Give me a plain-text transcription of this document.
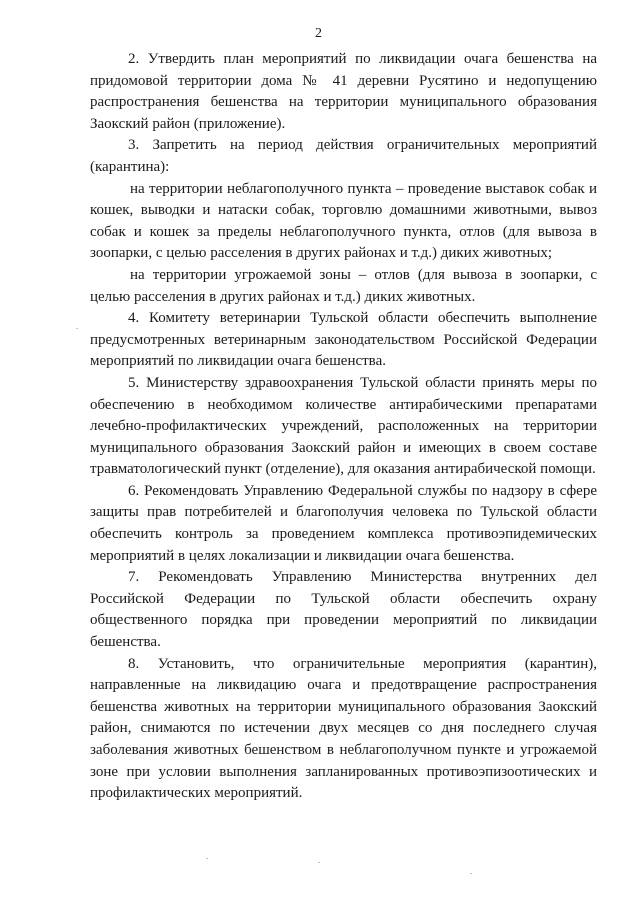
2

2. Утвердить план мероприятий по ликвидации очага бешенства на придомовой территории дома № 41 деревни Русятино и недопущению распространения бешенства на территории муниципального образования Заокский район (приложение).

3. Запретить на период действия ограничительных мероприятий (карантина):

на территории неблагополучного пункта – проведение выставок собак и кошек, выводки и натаски собак, торговлю домашними животными, вывоз собак и кошек за пределы неблагополучного пункта, отлов (для вывоза в зоопарки, с целью расселения в других районах и т.д.) диких животных;

на территории угрожаемой зоны – отлов (для вывоза в зоопарки, с целью расселения в других районах и т.д.) диких животных.

4. Комитету ветеринарии Тульской области обеспечить выполнение предусмотренных ветеринарным законодательством Российской Федерации мероприятий по ликвидации очага бешенства.

5. Министерству здравоохранения Тульской области принять меры по обеспечению в необходимом количестве антирабическими препаратами лечебно-профилактических учреждений, расположенных на территории муниципального образования Заокский район и имеющих в своем составе травматологический пункт (отделение), для оказания антирабической помощи.

6. Рекомендовать Управлению Федеральной службы по надзору в сфере защиты прав потребителей и благополучия человека по Тульской области обеспечить контроль за проведением комплекса противоэпидемических мероприятий в целях локализации и ликвидации очага бешенства.

7. Рекомендовать Управлению Министерства внутренних дел Российской Федерации по Тульской области обеспечить охрану общественного порядка при проведении мероприятий по ликвидации бешенства.

8. Установить, что ограничительные мероприятия (карантин), направленные на ликвидацию очага и предотвращение распространения бешенства животных на территории муниципального образования Заокский район, снимаются по истечении двух месяцев со дня последнего случая заболевания животных бешенством в неблагополучном пункте и угрожаемой зоне при условии выполнения запланированных противоэпизоотических и профилактических мероприятий.
